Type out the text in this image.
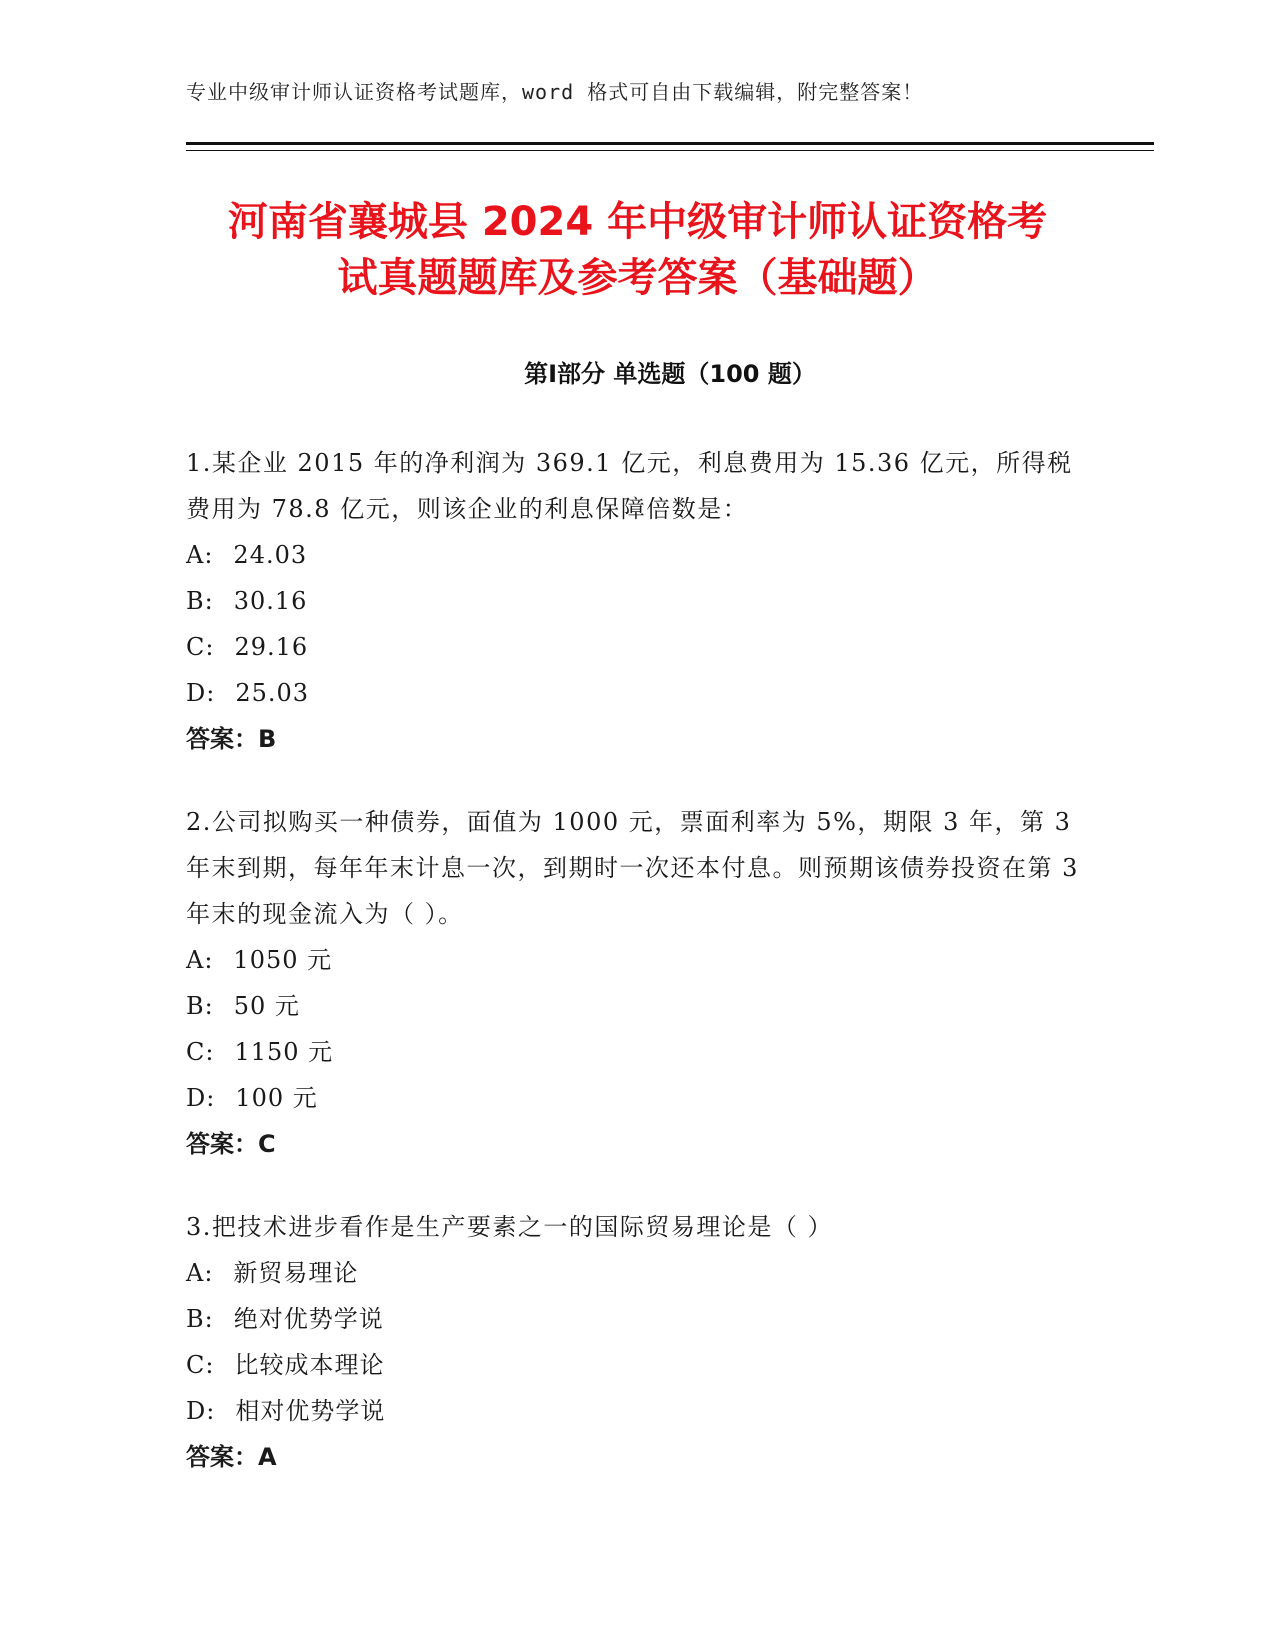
专业中级审计师认证资格考试题库，word 格式可自由下载编辑，附完整答案！
河南省襄城县 2024 年中级审计师认证资格考
试真题题库及参考答案（基础题）
第Ⅰ部分 单选题（100 题）

1.某企业 2015 年的净利润为 369.1 亿元，利息费用为 15.36 亿元，所得税费用为 78.8 亿元，则该企业的利息保障倍数是：

A: 24.03

B: 30.16

C: 29.16

D: 25.03

答案：B

2.公司拟购买一种债券，面值为 1000 元，票面利率为 5%，期限 3 年，第 3 年末到期，每年年末计息一次，到期时一次还本付息。则预期该债券投资在第 3 年末的现金流入为（ ）。

A: 1050 元

B: 50 元

C: 1150 元

D: 100 元

答案：C

3.把技术进步看作是生产要素之一的国际贸易理论是（ ）

A: 新贸易理论

B: 绝对优势学说

C: 比较成本理论

D: 相对优势学说

答案：A
